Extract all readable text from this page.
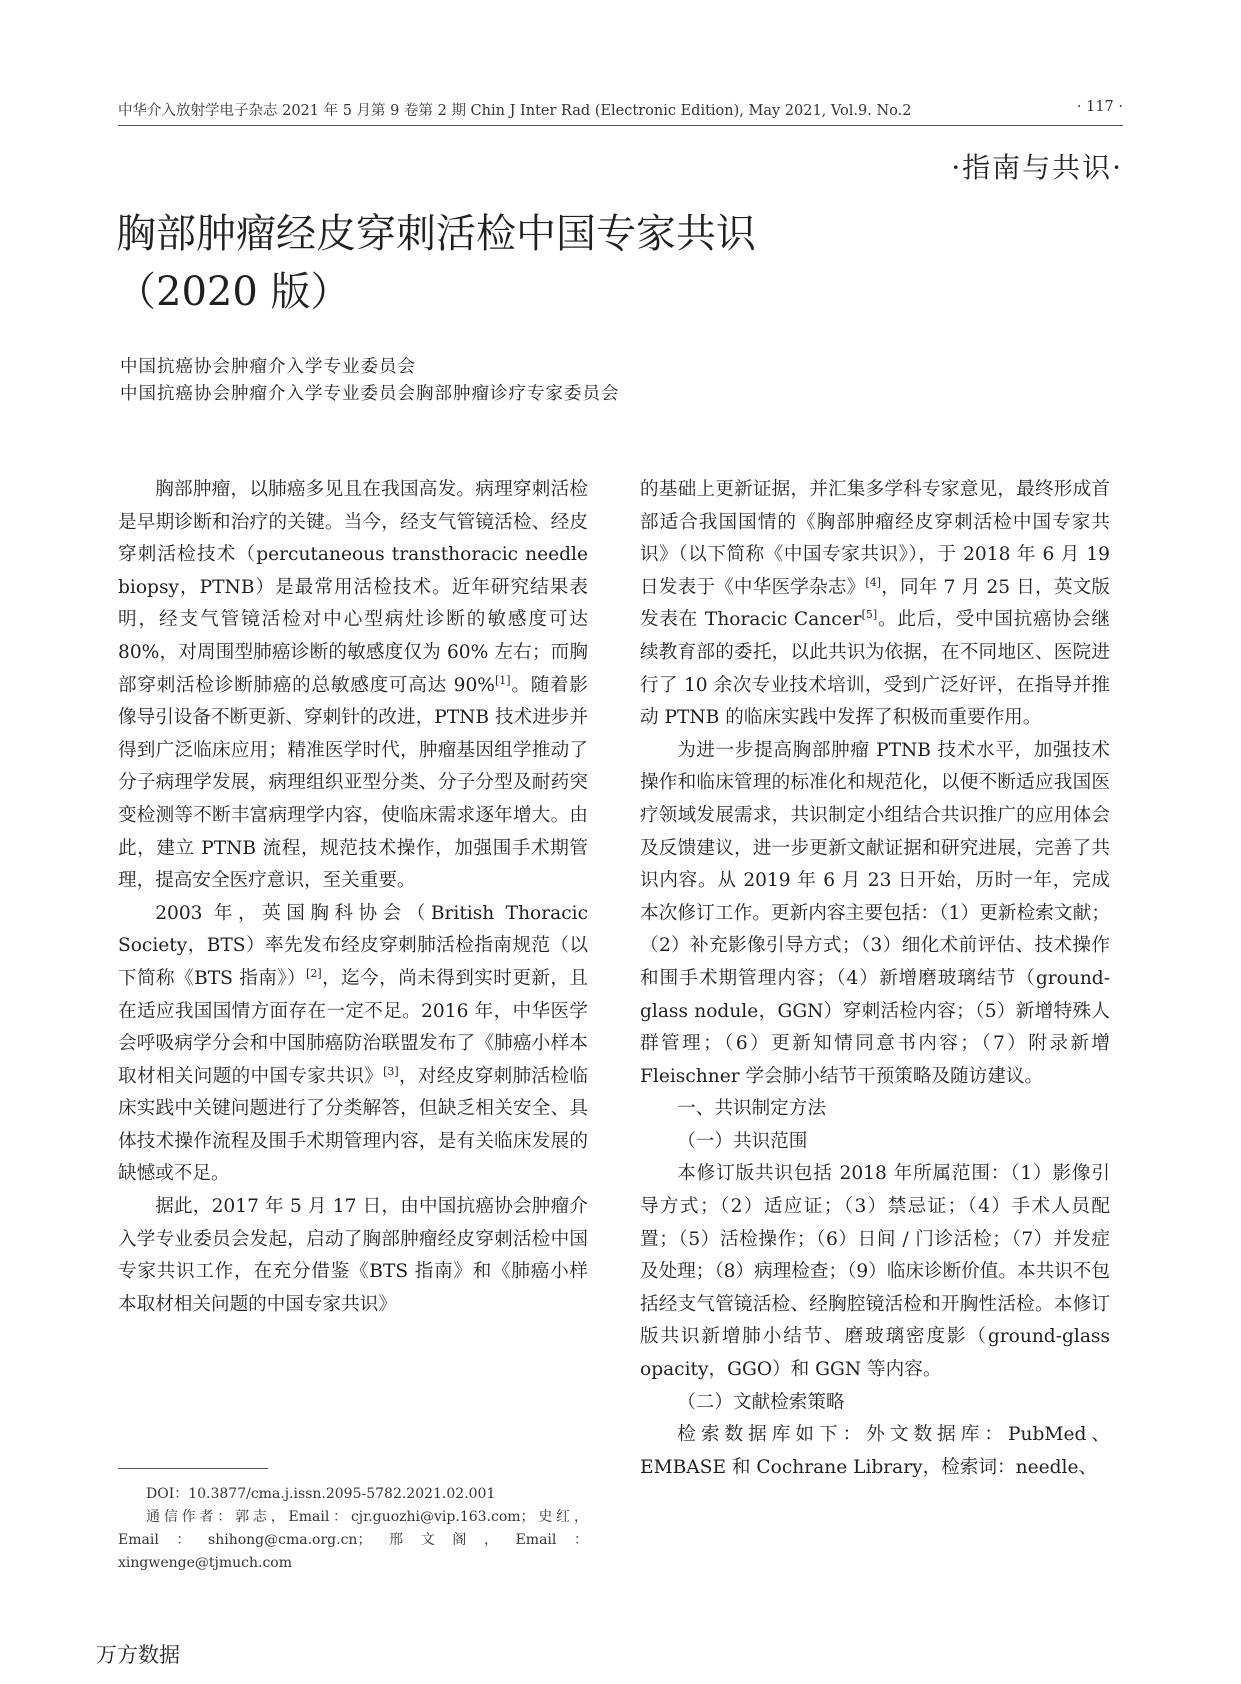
中华介入放射学电子杂志 2021 年 5 月第 9 卷第 2 期 Chin J Inter Rad (Electronic Edition), May 2021, Vol.9. No.2	· 117 ·
·指南与共识·
胸部肿瘤经皮穿刺活检中国专家共识
（2020 版）
中国抗癌协会肿瘤介入学专业委员会
中国抗癌协会肿瘤介入学专业委员会胸部肿瘤诊疗专家委员会

胸部肿瘤，以肺癌多见且在我国高发。病理穿刺活检是早期诊断和治疗的关键。当今，经支气管镜活检、经皮穿刺活检技术（percutaneous transthoracic needle biopsy，PTNB）是最常用活检技术。近年研究结果表明，经支气管镜活检对中心型病灶诊断的敏感度可达 80%，对周围型肺癌诊断的敏感度仅为 60% 左右；而胸部穿刺活检诊断肺癌的总敏感度可高达 90%[1]。随着影像导引设备不断更新、穿刺针的改进，PTNB 技术进步并得到广泛临床应用；精准医学时代，肿瘤基因组学推动了分子病理学发展，病理组织亚型分类、分子分型及耐药突变检测等不断丰富病理学内容，使临床需求逐年增大。由此，建立 PTNB 流程，规范技术操作，加强围手术期管理，提高安全医疗意识，至关重要。

2003 年，英国胸科协会（British Thoracic Society，BTS）率先发布经皮穿刺肺活检指南规范（以下简称《BTS 指南》）[2]，迄今，尚未得到实时更新，且在适应我国国情方面存在一定不足。2016 年，中华医学会呼吸病学分会和中国肺癌防治联盟发布了《肺癌小样本取材相关问题的中国专家共识》[3]，对经皮穿刺肺活检临床实践中关键问题进行了分类解答，但缺乏相关安全、具体技术操作流程及围手术期管理内容，是有关临床发展的缺憾或不足。

据此，2017 年 5 月 17 日，由中国抗癌协会肿瘤介入学专业委员会发起，启动了胸部肿瘤经皮穿刺活检中国专家共识工作，在充分借鉴《BTS 指南》和《肺癌小样本取材相关问题的中国专家共识》

的基础上更新证据，并汇集多学科专家意见，最终形成首部适合我国国情的《胸部肿瘤经皮穿刺活检中国专家共识》（以下简称《中国专家共识》），于 2018 年 6 月 19 日发表于《中华医学杂志》[4]，同年 7 月 25 日，英文版发表在 Thoracic Cancer[5]。此后，受中国抗癌协会继续教育部的委托，以此共识为依据，在不同地区、医院进行了 10 余次专业技术培训，受到广泛好评，在指导并推动 PTNB 的临床实践中发挥了积极而重要作用。

为进一步提高胸部肿瘤 PTNB 技术水平，加强技术操作和临床管理的标准化和规范化，以便不断适应我国医疗领域发展需求，共识制定小组结合共识推广的应用体会及反馈建议，进一步更新文献证据和研究进展，完善了共识内容。从 2019 年 6 月 23 日开始，历时一年，完成本次修订工作。更新内容主要包括：（1）更新检索文献；（2）补充影像引导方式；（3）细化术前评估、技术操作和围手术期管理内容；（4）新增磨玻璃结节（ground-glass nodule，GGN）穿刺活检内容；（5）新增特殊人群管理；（6）更新知情同意书内容；（7）附录新增 Fleischner 学会肺小结节干预策略及随访建议。

一、共识制定方法

（一）共识范围

本修订版共识包括 2018 年所属范围：（1）影像引导方式；（2）适应证；（3）禁忌证；（4）手术人员配置；（5）活检操作；（6）日间 / 门诊活检；（7）并发症及处理；（8）病理检查；（9）临床诊断价值。本共识不包括经支气管镜活检、经胸腔镜活检和开胸性活检。本修订版共识新增肺小结节、磨玻璃密度影（ground-glass opacity，GGO）和 GGN 等内容。

（二）文献检索策略

检索数据库如下：外文数据库：PubMed、EMBASE 和 Cochrane Library，检索词：needle、

DOI：10.3877/cma.j.issn.2095-5782.2021.02.001

通信作者：郭志，Email：cjr.guozhi@vip.163.com；史红，Email：shihong@cma.org.cn；邢文阁，Email：xingwenge@tjmuch.com

万方数据
